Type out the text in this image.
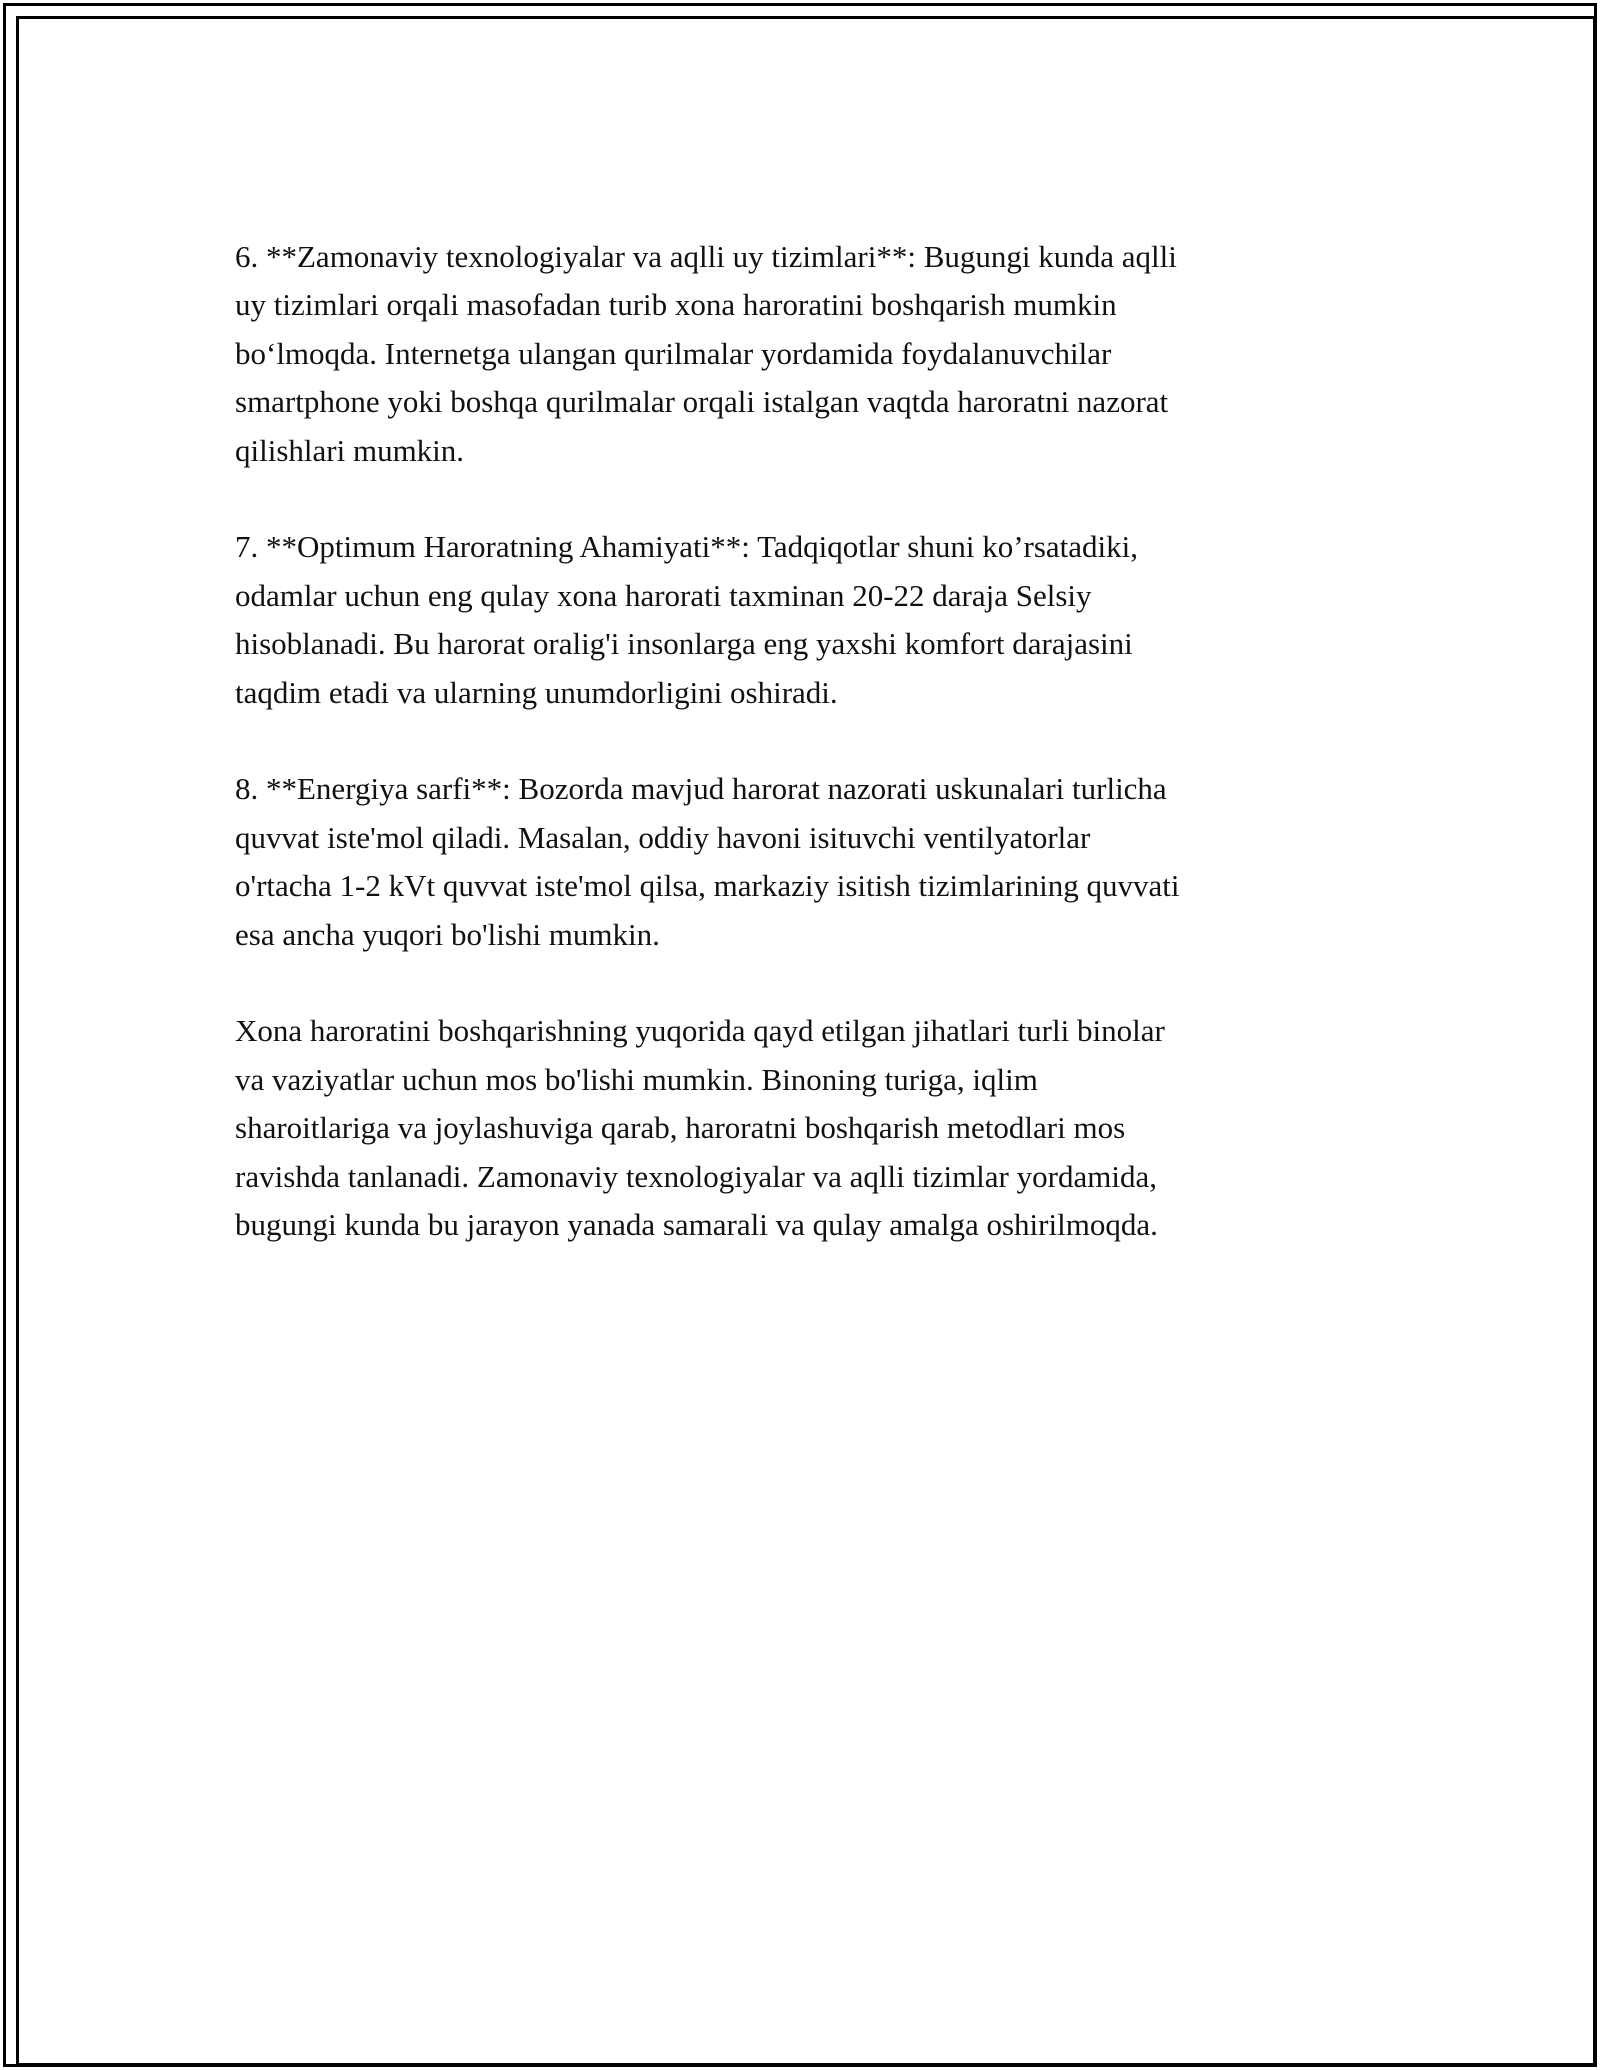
6. **Zamonaviy texnologiyalar va aqlli uy tizimlari**: Bugungi kunda aqlli
uy tizimlari orqali masofadan turib xona haroratini boshqarish mumkin
bo‘lmoqda. Internetga ulangan qurilmalar yordamida foydalanuvchilar
smartphone yoki boshqa qurilmalar orqali istalgan vaqtda haroratni nazorat
qilishlari mumkin.

7. **Optimum Haroratning Ahamiyati**: Tadqiqotlar shuni ko’rsatadiki,
odamlar uchun eng qulay xona harorati taxminan 20-22 daraja Selsiy
hisoblanadi. Bu harorat oralig'i insonlarga eng yaxshi komfort darajasini
taqdim etadi va ularning unumdorligini oshiradi.

8. **Energiya sarfi**: Bozorda mavjud harorat nazorati uskunalari turlicha
quvvat iste'mol qiladi. Masalan, oddiy havoni isituvchi ventilyatorlar
o'rtacha 1-2 kVt quvvat iste'mol qilsa, markaziy isitish tizimlarining quvvati
esa ancha yuqori bo'lishi mumkin.

Xona haroratini boshqarishning yuqorida qayd etilgan jihatlari turli binolar
va vaziyatlar uchun mos bo'lishi mumkin. Binoning turiga, iqlim
sharoitlariga va joylashuviga qarab, haroratni boshqarish metodlari mos
ravishda tanlanadi. Zamonaviy texnologiyalar va aqlli tizimlar yordamida,
bugungi kunda bu jarayon yanada samarali va qulay amalga oshirilmoqda.
